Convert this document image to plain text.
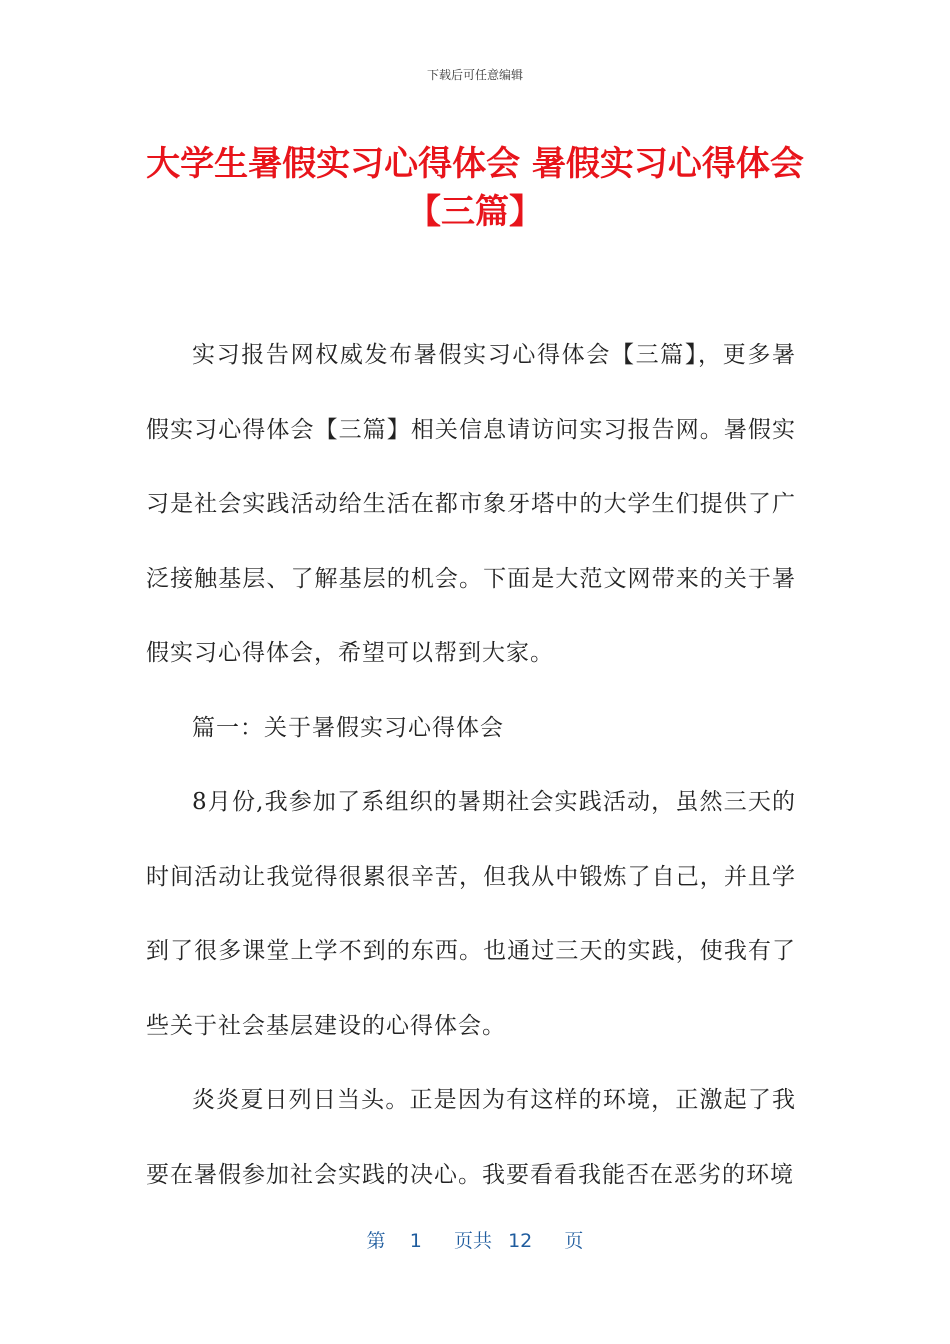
下载后可任意编辑
大学生暑假实习心得体会 暑假实习心得体会
【三篇】

实习报告网权威发布暑假实习心得体会【三篇】，更多暑假实习心得体会【三篇】相关信息请访问实习报告网。暑假实习是社会实践活动给生活在都市象牙塔中的大学生们提供了广泛接触基层、了解基层的机会。下面是大范文网带来的关于暑假实习心得体会，希望可以帮到大家。

篇一：关于暑假实习心得体会

8月份,我参加了系组织的暑期社会实践活动，虽然三天的时间活动让我觉得很累很辛苦，但我从中锻炼了自己，并且学到了很多课堂上学不到的东西。也通过三天的实践，使我有了些关于社会基层建设的心得体会。

炎炎夏日列日当头。正是因为有这样的环境，正激起了我要在暑假参加社会实践的决心。我要看看我能否在恶劣的环境

第 1 页共 12 页
